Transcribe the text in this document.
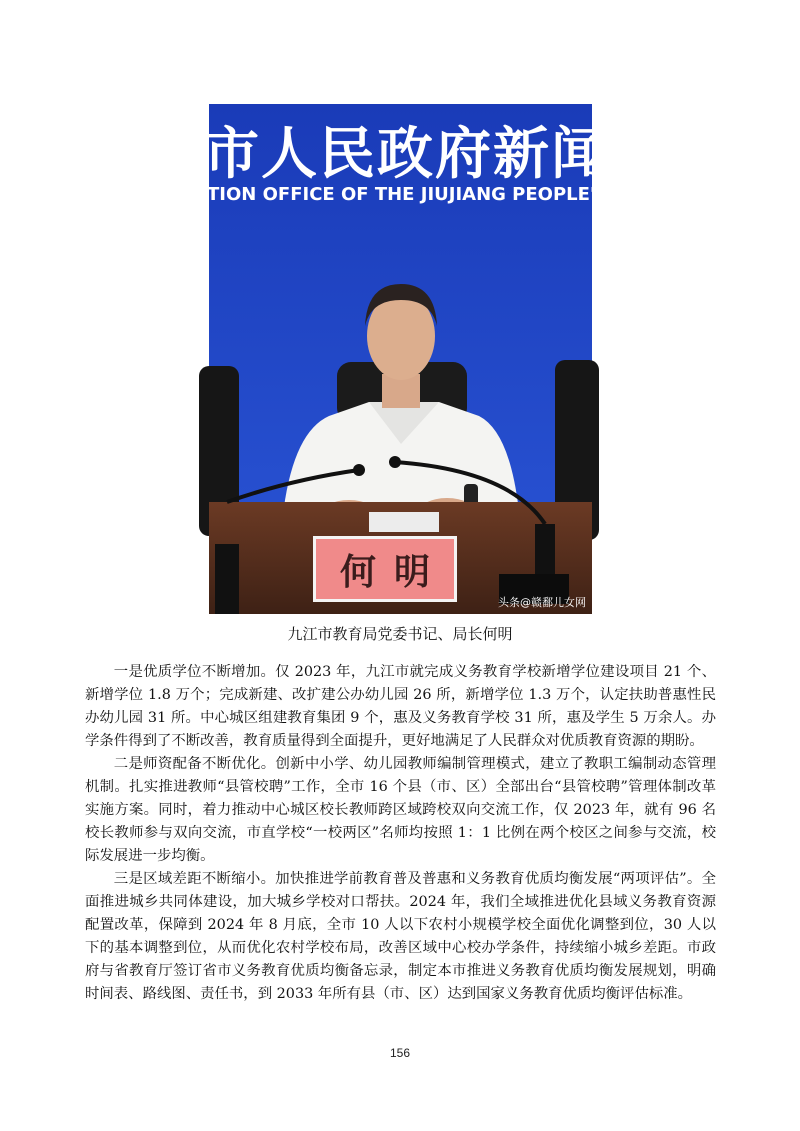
市人民政府新闻办
TION OFFICE OF THE JIUJIANG PEOPLE'S G
何明
头条@赣鄱儿女网
九江市教育局党委书记、局长何明

一是优质学位不断增加。仅 2023 年，九江市就完成义务教育学校新增学位建设项目 21 个、新增学位 1.8 万个；完成新建、改扩建公办幼儿园 26 所，新增学位 1.3 万个，认定扶助普惠性民办幼儿园 31 所。中心城区组建教育集团 9 个，惠及义务教育学校 31 所，惠及学生 5 万余人。办学条件得到了不断改善，教育质量得到全面提升，更好地满足了人民群众对优质教育资源的期盼。

二是师资配备不断优化。创新中小学、幼儿园教师编制管理模式，建立了教职工编制动态管理机制。扎实推进教师“县管校聘”工作，全市 16 个县（市、区）全部出台“县管校聘”管理体制改革实施方案。同时，着力推动中心城区校长教师跨区域跨校双向交流工作，仅 2023 年，就有 96 名校长教师参与双向交流，市直学校“一校两区”名师均按照 1：1 比例在两个校区之间参与交流，校际发展进一步均衡。

三是区域差距不断缩小。加快推进学前教育普及普惠和义务教育优质均衡发展“两项评估”。全面推进城乡共同体建设，加大城乡学校对口帮扶。2024 年，我们全域推进优化县域义务教育资源配置改革，保障到 2024 年 8 月底，全市 10 人以下农村小规模学校全面优化调整到位，30 人以下的基本调整到位，从而优化农村学校布局，改善区域中心校办学条件，持续缩小城乡差距。市政府与省教育厅签订省市义务教育优质均衡备忘录，制定本市推进义务教育优质均衡发展规划，明确时间表、路线图、责任书，到 2033 年所有县（市、区）达到国家义务教育优质均衡评估标准。

156
